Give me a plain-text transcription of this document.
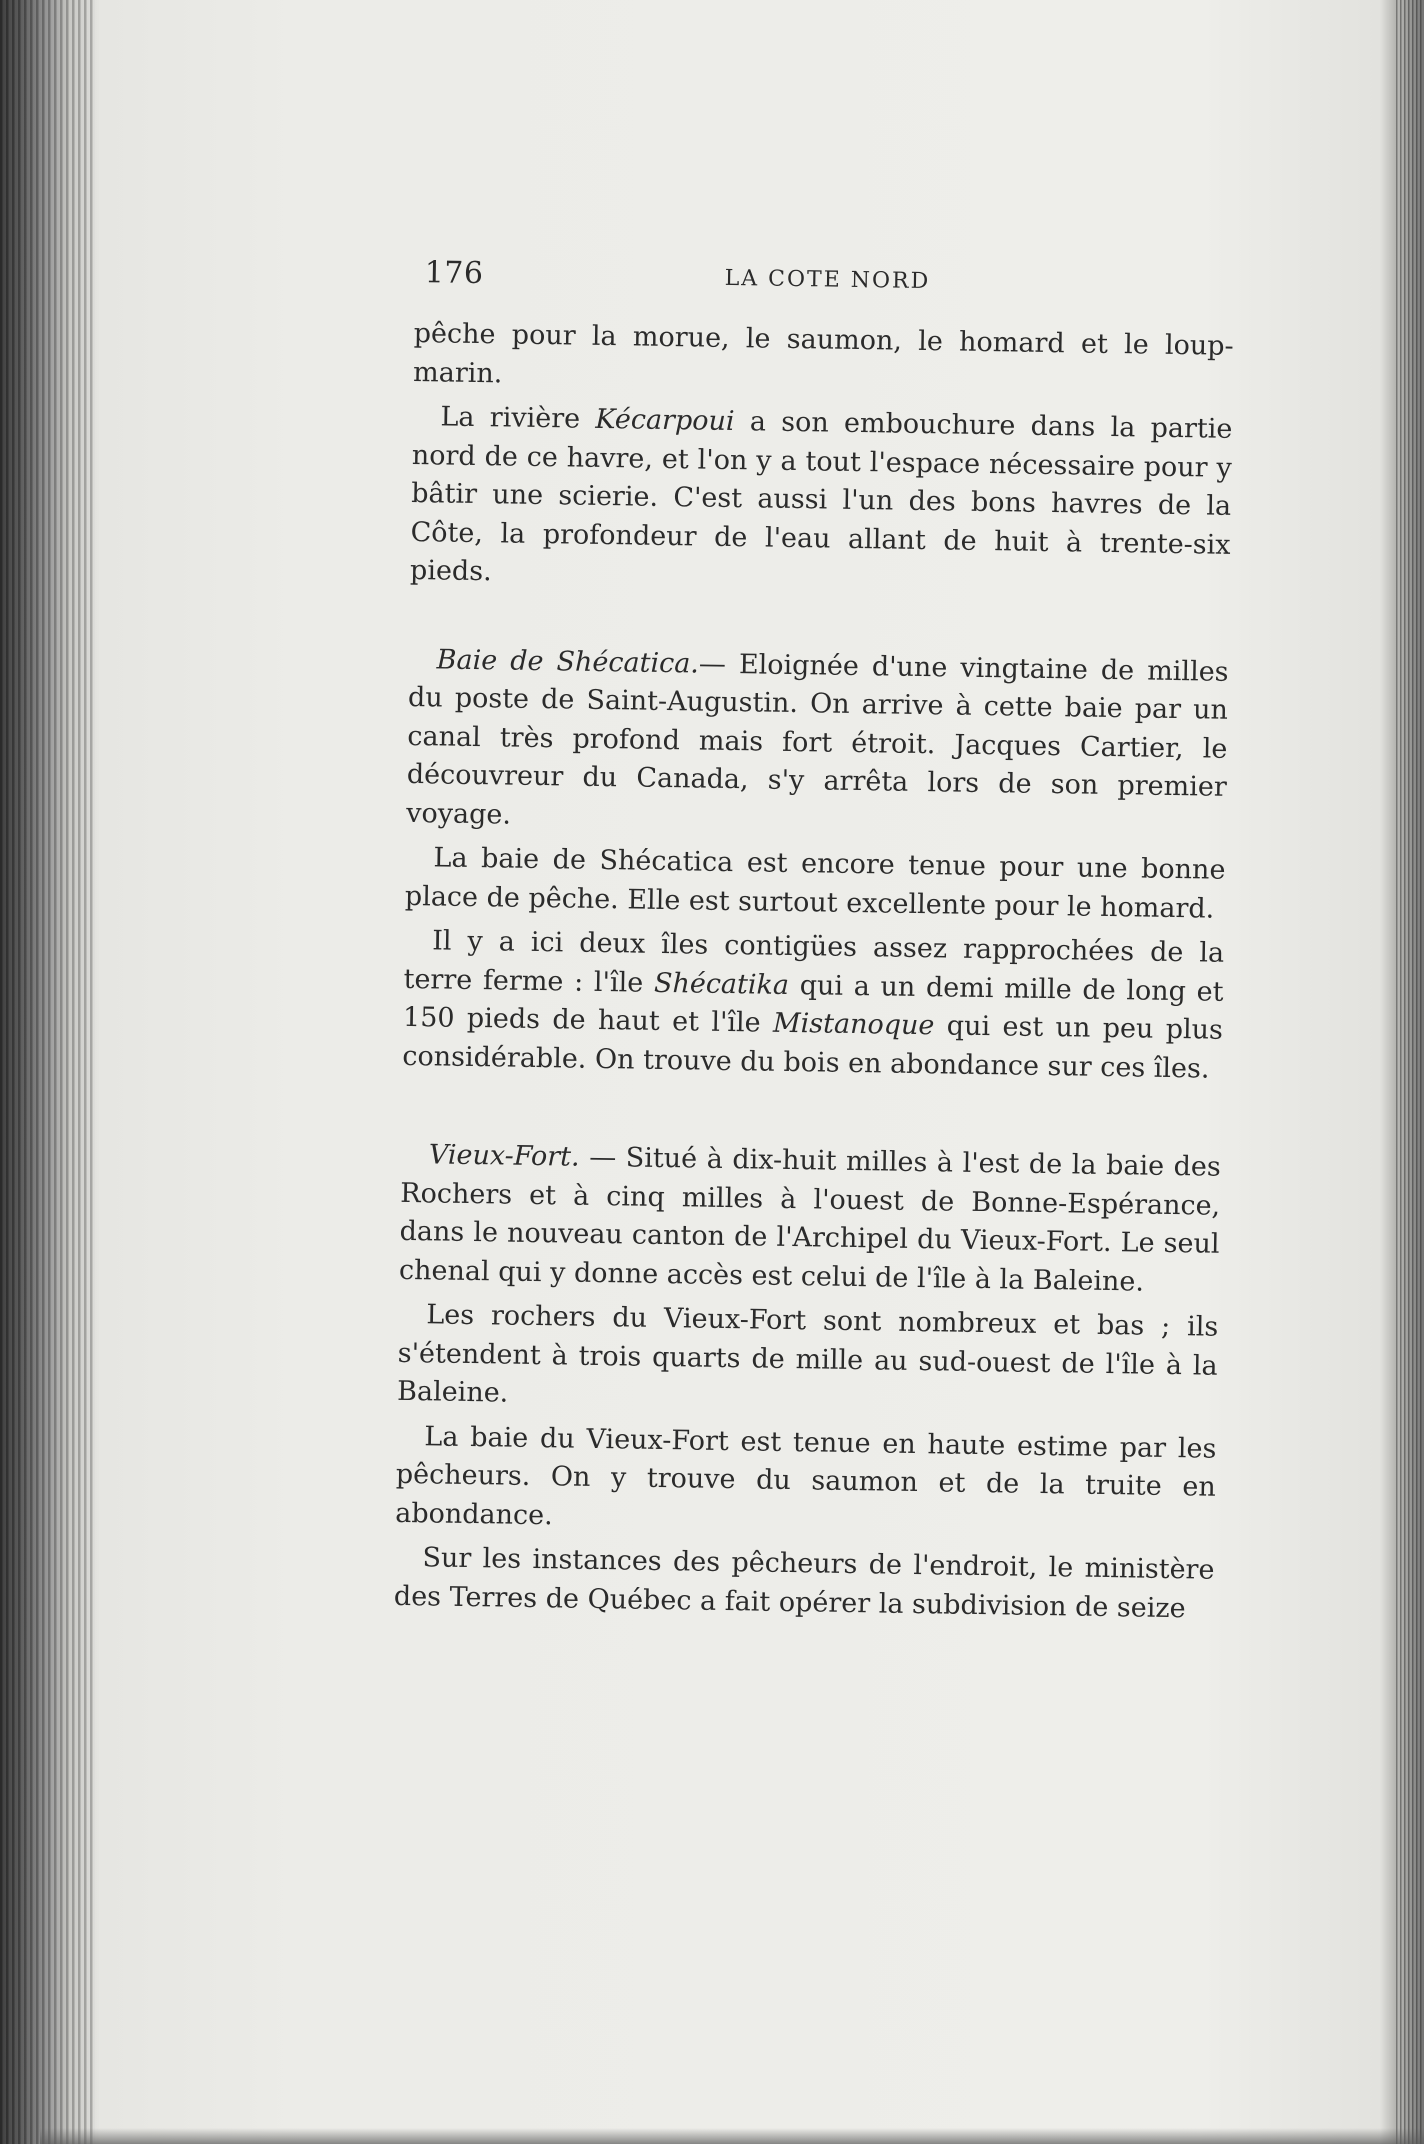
176	LA COTE NORD

pêche pour la morue, le saumon, le homard et le loup-marin.

La rivière Kécarpoui a son embouchure dans la partie nord de ce havre, et l'on y a tout l'espace nécessaire pour y bâtir une scierie. C'est aussi l'un des bons havres de la Côte, la profondeur de l'eau allant de huit à trente-six pieds.

Baie de Shécatica.— Eloignée d'une vingtaine de milles du poste de Saint-Augustin. On arrive à cette baie par un canal très profond mais fort étroit. Jacques Cartier, le découvreur du Canada, s'y arrêta lors de son premier voyage.

La baie de Shécatica est encore tenue pour une bonne place de pêche. Elle est surtout excellente pour le homard.

Il y a ici deux îles contigües assez rapprochées de la terre ferme : l'île Shécatika qui a un demi mille de long et 150 pieds de haut et l'île Mistanoque qui est un peu plus considérable. On trouve du bois en abondance sur ces îles.

Vieux-Fort. — Situé à dix-huit milles à l'est de la baie des Rochers et à cinq milles à l'ouest de Bonne-Espérance, dans le nouveau canton de l'Archipel du Vieux-Fort. Le seul chenal qui y donne accès est celui de l'île à la Baleine.

Les rochers du Vieux-Fort sont nombreux et bas ; ils s'étendent à trois quarts de mille au sud-ouest de l'île à la Baleine.

La baie du Vieux-Fort est tenue en haute estime par les pêcheurs. On y trouve du saumon et de la truite en abondance.

Sur les instances des pêcheurs de l'endroit, le ministère des Terres de Québec a fait opérer la subdivision de seize
